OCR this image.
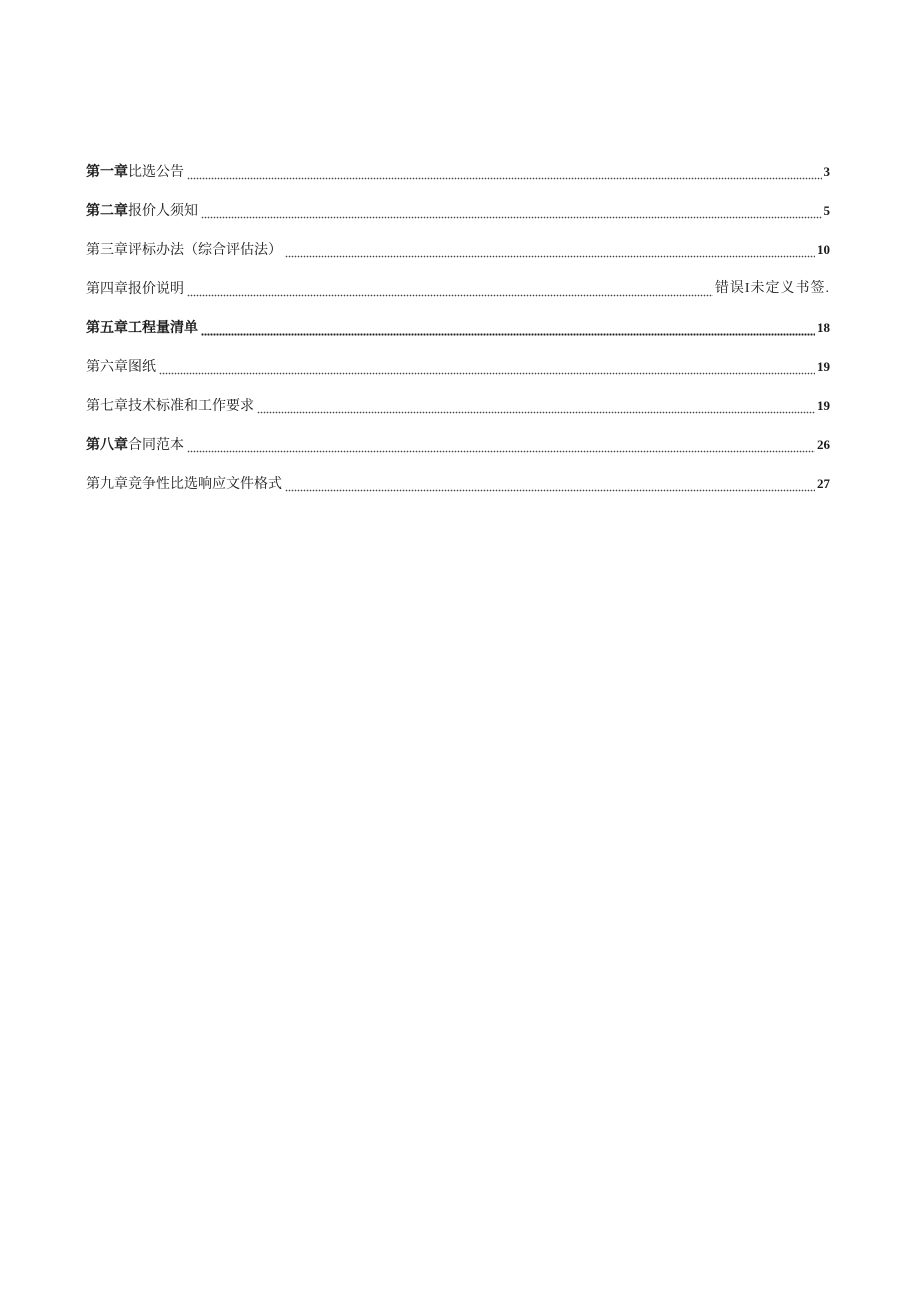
第一章比选公告	3
第二章报价人须知	5
第三章评标办法（综合评估法）	10
第四章报价说明	错误I未定义书签.
第五章工程量清单	18
第六章图纸	19
第七章技术标准和工作要求	19
第八章合同范本	26
第九章竞争性比选响应文件格式	27
